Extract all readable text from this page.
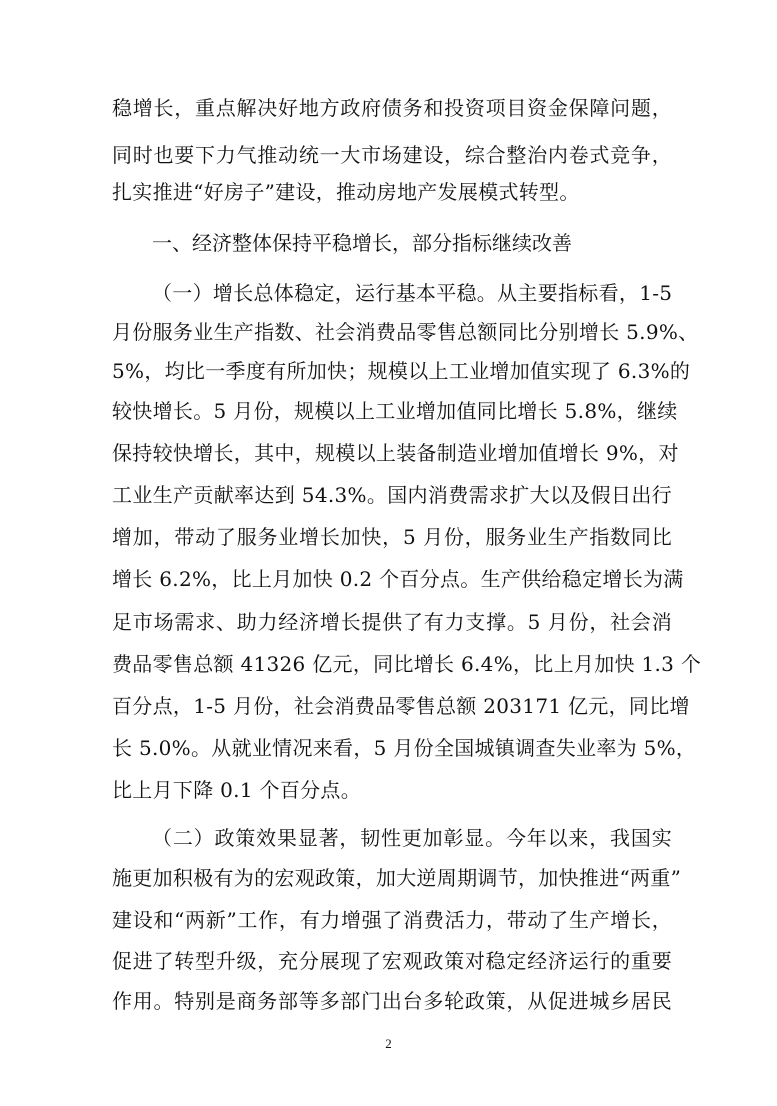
稳增长，重点解决好地方政府债务和投资项目资金保障问题，
同时也要下力气推动统一大市场建设，综合整治内卷式竞争，
扎实推进“好房子”建设，推动房地产发展模式转型。
一、经济整体保持平稳增长，部分指标继续改善
（一）增长总体稳定，运行基本平稳。从主要指标看，1-5
月份服务业生产指数、社会消费品零售总额同比分别增长 5.9%、
5%，均比一季度有所加快；规模以上工业增加值实现了 6.3%的
较快增长。5 月份，规模以上工业增加值同比增长 5.8%，继续
保持较快增长，其中，规模以上装备制造业增加值增长 9%，对
工业生产贡献率达到 54.3%。国内消费需求扩大以及假日出行
增加，带动了服务业增长加快，5 月份，服务业生产指数同比
增长 6.2%，比上月加快 0.2 个百分点。生产供给稳定增长为满
足市场需求、助力经济增长提供了有力支撑。5 月份，社会消
费品零售总额 41326 亿元，同比增长 6.4%，比上月加快 1.3 个
百分点，1-5 月份，社会消费品零售总额 203171 亿元，同比增
长 5.0%。从就业情况来看，5 月份全国城镇调查失业率为 5%，
比上月下降 0.1 个百分点。
（二）政策效果显著，韧性更加彰显。今年以来，我国实
施更加积极有为的宏观政策，加大逆周期调节，加快推进“两重”
建设和“两新”工作，有力增强了消费活力，带动了生产增长，
促进了转型升级，充分展现了宏观政策对稳定经济运行的重要
作用。特别是商务部等多部门出台多轮政策，从促进城乡居民
2
